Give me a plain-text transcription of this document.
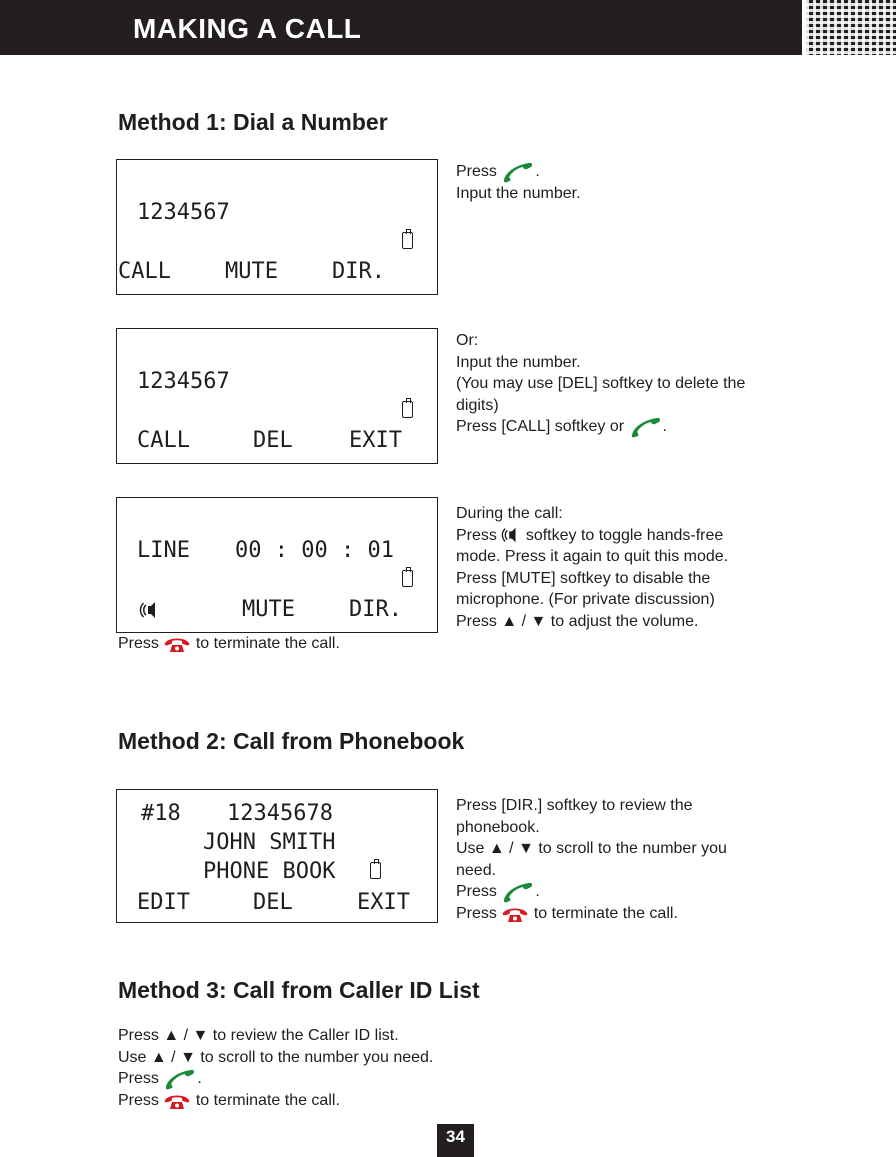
MAKING A CALL
Method 1: Dial a Number
1234567
CALL MUTE DIR.

Press .

Input the number.

1234567
CALL	DEL	EXIT

Or:

Input the number.

(You may use [DEL] softkey to delete the

digits)

Press [CALL] softkey or .

LINE 00 : 00 : 01
MUTE DIR.

During the call:

Press softkey to toggle hands-free

mode. Press it again to quit this mode.

Press [MUTE] softkey to disable the

microphone. (For private discussion)

Press ▲ / ▼ to adjust the volume.

Press to terminate the call.

Method 2: Call from Phonebook
#18 12345678
JOHN SMITH
PHONE BOOK
EDIT	DEL	EXIT

Press [DIR.] softkey to review the

phonebook.

Use ▲ / ▼ to scroll to the number you

need.

Press .

Press to terminate the call.

Method 3: Call from Caller ID List

Press ▲ / ▼ to review the Caller ID list.

Use ▲ / ▼ to scroll to the number you need.

Press .

Press to terminate the call.

34
